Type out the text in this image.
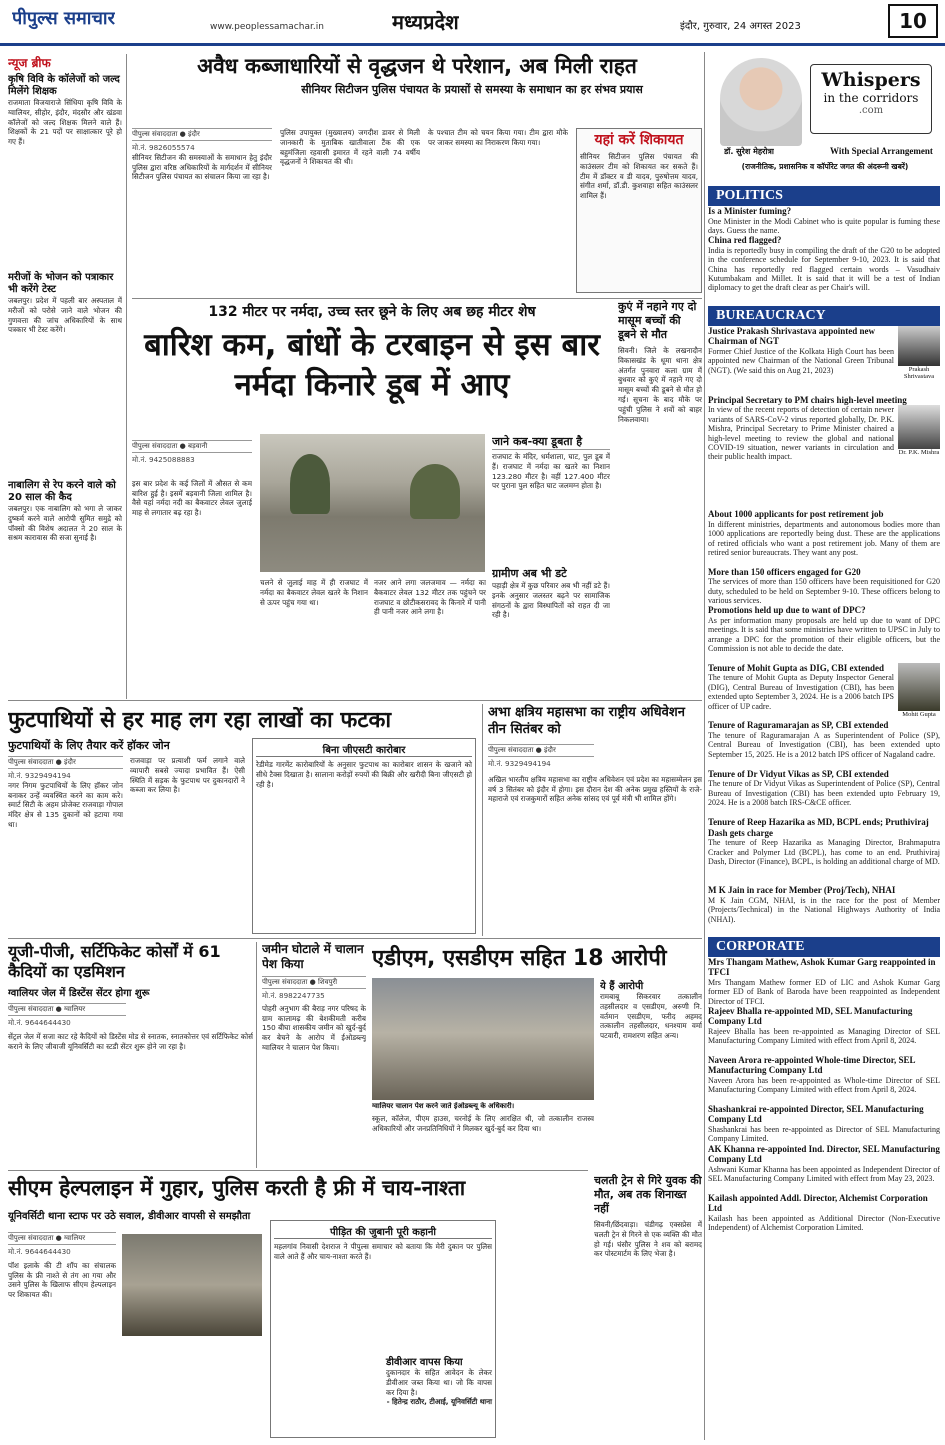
पीपुल्स समाचार	www.peoplessamachar.in	मध्यप्रदेश	इंदौर, गुरुवार, 24 अगस्त 2023	10
न्यूज ब्रीफ
कृषि विवि के कॉलेजों को जल्द मिलेंगे शिक्षक
राजमाता विजयाराजे सिंधिया कृषि विवि के ग्वालियर, सीहोर, इंदौर, मंदसौर और खंडवा कॉलेजों को जल्द शिक्षक मिलने वाले हैं। शिक्षकों के 21 पदों पर साक्षात्कार पूरे हो गए हैं।
मरीजों के भोजन को पत्राकार भी करेंगे टेस्ट
जबलपुर। प्रदेश में पहली बार अस्पताल में मरीजों को परोसे जाने वाले भोजन की गुणवत्ता की जांच अधिकारियों के साथ पत्रकार भी टेस्ट करेंगे।
नाबालिग से रेप करने वाले को 20 साल की कैद
जबलपुर। एक नाबालिग को भगा ले जाकर दुष्कर्म करने वाले आरोपी सुमित समुद्रे को पॉक्सो की विशेष अदालत ने 20 साल के सश्रम कारावास की सजा सुनाई है।
अवैध कब्जाधारियों से वृद्धजन थे परेशान, अब मिली राहत
सीनियर सिटीजन पुलिस पंचायत के प्रयासों से समस्या के समाधान का हर संभव प्रयास
पीपुल्स संवाददाता ● इंदौर
मो.नं. 9826055574
सीनियर सिटीजन की समस्याओं के समाधान हेतु इंदौर पुलिस द्वारा वरिष्ठ अधिकारियों के मार्गदर्शन में सीनियर सिटीजन पुलिस पंचायत का संचालन किया जा रहा है।
पुलिस उपायुक्त (मुख्यालय) जगदीश डावर से मिली जानकारी के मुताबिक खातीवाला टैंक की एक बहुमंजिला रहवासी इमारत में रहने वाली 74 वर्षीय वृद्धजनों ने शिकायत की थी।
के पश्चात टीम को चयन किया गया। टीम द्वारा मौके पर जाकर समस्या का निराकरण किया गया।	यहां करें शिकायत
सीनियर सिटीजन पुलिस पंचायत की काउंसलर टीम को शिकायत कर सकते हैं। टीम में डॉक्टर व डी यादव, पुरुषोत्तम यादव, संगीत शर्मा, डॉ.डी. कुशवाहा सहित काउंसलर शामिल हैं।
Whispers
in the corridors
.com
डॉ. सुरेश मेहरोत्रा	With Special Arrangement
(राजनीतिक, प्रशासनिक व कॉर्पोरेट जगत की अंदरूनी खबरें)
POLITICS
Is a Minister fuming?
One Minister in the Modi Cabinet who is quite popular is fuming these days. Guess the name.
China red flagged?
India is reportedly busy in compiling the draft of the G20 to be adopted in the conference schedule for September 9-10, 2023. It is said that China has reportedly red flagged certain words – Vasudhaiv Kutumbakam and Millet. It is said that it will be a test of Indian diplomacy to get the draft clear as per Chair's will.
BUREAUCRACY
Justice Prakash Shrivastava appointed new Chairman of NGT
Former Chief Justice of the Kolkata High Court has been appointed new Chairman of the National Green Tribunal (NGT). (We said this on Aug 21, 2023)	Prakash Shrivastava
Principal Secretary to PM chairs high-level meeting
In view of the recent reports of detection of certain newer variants of SARS-CoV-2 virus reported globally, Dr. P.K. Mishra, Principal Secretary to Prime Minister chaired a high-level meeting to review the global and national COVID-19 situation, newer variants in circulation and their public health impact.	Dr. P.K. Mishra
About 1000 applicants for post retirement job
In different ministries, departments and autonomous bodies more than 1000 applications are reportedly being dust. These are the applications of retired officials who want a post retirement job. Many of them are retired senior bureaucrats. They want any post.
More than 150 officers engaged for G20
The services of more than 150 officers have been requisitioned for G20 duty, scheduled to be held on September 9-10. These officers belong to various services.
Promotions held up due to want of DPC?
As per information many proposals are held up due to want of DPC meetings. It is said that some ministries have written to UPSC in July to arrange a DPC for the promotion of their eligible officers, but the Commission is not able to decide the date.
Tenure of Mohit Gupta as DIG, CBI extended
The tenure of Mohit Gupta as Deputy Inspector General (DIG), Central Bureau of Investigation (CBI), has been extended upto September 3, 2024. He is a 2006 batch IPS officer of UP cadre.
Mohit Gupta
Tenure of Raguramarajan as SP, CBI extended
The tenure of Raguramarajan A as Superintendent of Police (SP), Central Bureau of Investigation (CBI), has been extended upto September 15, 2025. He is a 2012 batch IPS officer of Nagaland cadre.
Tenure of Dr Vidyut Vikas as SP, CBI extended
The tenure of Dr Vidyut Vikas as Superintendent of Police (SP), Central Bureau of Investigation (CBI) has been extended upto February 19, 2024. He is a 2008 batch IRS-C&CE officer.
Tenure of Reep Hazarika as MD, BCPL ends; Pruthiviraj Dash gets charge
The tenure of Reep Hazarika as Managing Director, Brahmaputra Cracker and Polymer Ltd (BCPL), has come to an end. Pruthiviraj Dash, Director (Finance), BCPL, is holding an additional charge of MD.
M K Jain in race for Member (Proj/Tech), NHAI
M K Jain CGM, NHAI, is in the race for the post of Member (Projects/Technical) in the National Highways Authority of India (NHAI).
CORPORATE
Mrs Thangam Mathew, Ashok Kumar Garg reappointed in TFCI
Mrs Thangam Mathew former ED of LIC and Ashok Kumar Garg former ED of Bank of Baroda have been reappointed as Independent Director of TFCI.
Rajeev Bhalla re-appointed MD, SEL Manufacturing Company Ltd
Rajeev Bhalla has been re-appointed as Managing Director of SEL Manufacturing Company Limited with effect from April 8, 2024.
Naveen Arora re-appointed Whole-time Director, SEL Manufacturing Company Ltd
Naveen Arora has been re-appointed as Whole-time Director of SEL Manufacturing Company Limited with effect from April 8, 2024.
Shashankrai re-appointed Director, SEL Manufacturing Company Ltd
Shashankrai has been re-appointed as Director of SEL Manufacturing Company Limited.
AK Khanna re-appointed Ind. Director, SEL Manufacturing Company Ltd
Ashwani Kumar Khanna has been appointed as Independent Director of SEL Manufacturing Company Limited with effect from May 23, 2023.
Kailash appointed Addl. Director, Alchemist Corporation Ltd
Kailash has been appointed as Additional Director (Non-Executive Independent) of Alchemist Corporation Limited.
132 मीटर पर नर्मदा, उच्च स्तर छूने के लिए अब छह मीटर शेष
बारिश कम, बांधों के टरबाइन से इस बार नर्मदा किनारे डूब में आए
पीपुल्स संवाददाता ● बड़वानी
मो.नं. 9425088883
इस बार प्रदेश के कई जिलों में औसत से कम बारिश हुई है। इसमें बड़वानी जिला शामिल है। वैसे यहां नर्मदा नदी का बैकवाटर लेवल जुलाई माह से लगातार बढ़ रहा है।
चलने से जुलाई माह में ही राजघाट में नर्मदा का बैकवाटर लेवल खतरे के निशान से ऊपर पहुंच गया था।
नजर आने लगा जलजमाव — नर्मदा का बैकवाटर लेवल 132 मीटर तक पहुंचने पर राजघाट व छोटीकसरावद के किनारे में पानी ही पानी नजर आने लगा है।
जाने कब-क्या डूबता है
राजघाट के मंदिर, धर्मशाला, घाट, पुल डूब में हैं। राजघाट में नर्मदा का खतरे का निशान 123.280 मीटर है। वहीं 127.400 मीटर पर पुराना पुल सहित घाट जलमग्न होता है।
ग्रामीण अब भी डटे
पहाड़ी क्षेत्र में कुछ परिवार अब भी नहीं डटे हैं। इनके अनुसार जलस्तर बढ़ने पर सामाजिक संगठनों के द्वारा विस्थापितों को राहत दी जा रही है।
कुएं में नहाने गए दो मासूम बच्चों की डूबने से मौत
सिवनी। जिले के लखनादौन विकासखंड के धूमा थाना क्षेत्र अंतर्गत पुनवारा कला ग्राम में बुधवार को कुएं में नहाने गए दो मासूम बच्चों की डूबने से मौत हो गई। सूचना के बाद मौके पर पहुंची पुलिस ने शवों को बाहर निकलवाया।
फुटपाथियों से हर माह लग रहा लाखों का फटका
फुटपाथियों के लिए तैयार करें हॉकर जोन
पीपुल्स संवाददाता ● इंदौर
मो.नं. 9329494194
नगर निगम फुटपाथियों के लिए हॉकर जोन बनाकर उन्हें व्यवस्थित करने का काम करे। स्मार्ट सिटी के अहम प्रोजेक्ट राजवाड़ा गोपाल मंदिर क्षेत्र से 135 दुकानों को हटाया गया था।
राजवाड़ा पर प्रत्याशी फर्म लगाने वाले व्यापारी सबसे ज्यादा प्रभावित हैं। ऐसी स्थिति में सड़क के फुटपाथ पर दुकानदारों ने कब्जा कर लिया है।
बिना जीएसटी कारोबार
रेडीमेड गारमेंट कारोबारियों के अनुसार फुटपाथ का कारोबार शासन के खजाने को सीधे टैक्स दिखाता है। सालाना करोड़ों रुपयों की बिक्री और खरीदी बिना जीएसटी हो रही है।
अभा क्षत्रिय महासभा का राष्ट्रीय अधिवेशन तीन सितंबर को
पीपुल्स संवाददाता ● इंदौर
मो.नं. 9329494194
अखिल भारतीय क्षत्रिय महासभा का राष्ट्रीय अधिवेशन एवं प्रदेश का महासम्मेलन इस वर्ष 3 सितंबर को इंदौर में होगा। इस दौरान देश की अनेक प्रमुख हस्तियों के राजे-महाराजे एवं राजकुमारों सहित अनेक सांसद एवं पूर्व मंत्री भी शामिल होंगे।
यूजी-पीजी, सर्टिफिकेट कोर्सों में 61 कैदियों का एडमिशन
ग्वालियर जेल में डिस्टेंस सेंटर होगा शुरू
पीपुल्स संवाददाता ● ग्वालियर
मो.नं. 9644644430
सेंट्रल जेल में सजा काट रहे कैदियों को डिस्टेंस मोड से स्नातक, स्नातकोत्तर एवं सर्टिफिकेट कोर्स कराने के लिए जीवाजी यूनिवर्सिटी का स्टडी सेंटर शुरू होने जा रहा है।
जमीन घोटाले में चालान पेश किया
पीपुल्स संवाददाता ● शिवपुरी
मो.नं. 8982247735
पोहरी अनुभाग की बैराड़ नगर परिषद के ग्राम कालामढ़ की बेशकीमती करीब 150 बीघा शासकीय जमीन को खुर्द-बुर्द कर बेचने के आरोप में ईओडब्ल्यू ग्वालियर ने चालान पेश किया।
एडीएम, एसडीएम सहित 18 आरोपी
ग्वालियर चालान पेश करने जाते ईओडब्ल्यू के अधिकारी।
स्कूल, कॉलेज, पीएम हाउस, चरनोई के लिए आरक्षित थी, जो तत्कालीन राजस्व अधिकारियों और जनप्रतिनिधियों ने मिलकर खुर्द-बुर्द कर दिया था।
ये हैं आरोपी
रामबाबू सिकरवार तत्कालीन तहसीलदार व एसडीएम, अरुणी नि. वर्तमान एसडीएम, फरीद अहमद तत्कालीन तहसीलदार, धनश्याम वर्मा पटवारी, रामशरण सहित अन्य।
सीएम हेल्पलाइन में गुहार, पुलिस करती है फ्री में चाय-नाश्ता
यूनिवर्सिटी थाना स्टाफ पर उठे सवाल, डीवीआर वापसी से समझौता
पीपुल्स संवाददाता ● ग्वालियर
मो.नं. 9644644430
पॉश इलाके की टी शॉप का संचालक पुलिस के फ्री नाश्ते से तंग आ गया और उसने पुलिस के खिलाफ सीएम हेल्पलाइन पर शिकायत की।
पीड़ित की जुबानी पूरी कहानी
महलगांव निवासी देशराज ने पीपुल्स समाचार को बताया कि मेरी दुकान पर पुलिस वाले आते हैं और चाय-नाश्ता करते हैं।
डीवीआर वापस किया
दुकानदार के सहित आवेदन के लेकर डीवीआर जब्त किया था। जो कि वापस कर दिया है।
- हितेन्द्र राठौर, टीआई, यूनिवर्सिटी थाना
चलती ट्रेन से गिरे युवक की मौत, अब तक शिनाख्त नहीं
सिवनी/छिंदवाड़ा। चंडीगढ़ एक्सप्रेस में चलती ट्रेन से गिरने से एक व्यक्ति की मौत हो गई। घंसौर पुलिस ने शव को बरामद कर पोस्टमार्टम के लिए भेजा है।
